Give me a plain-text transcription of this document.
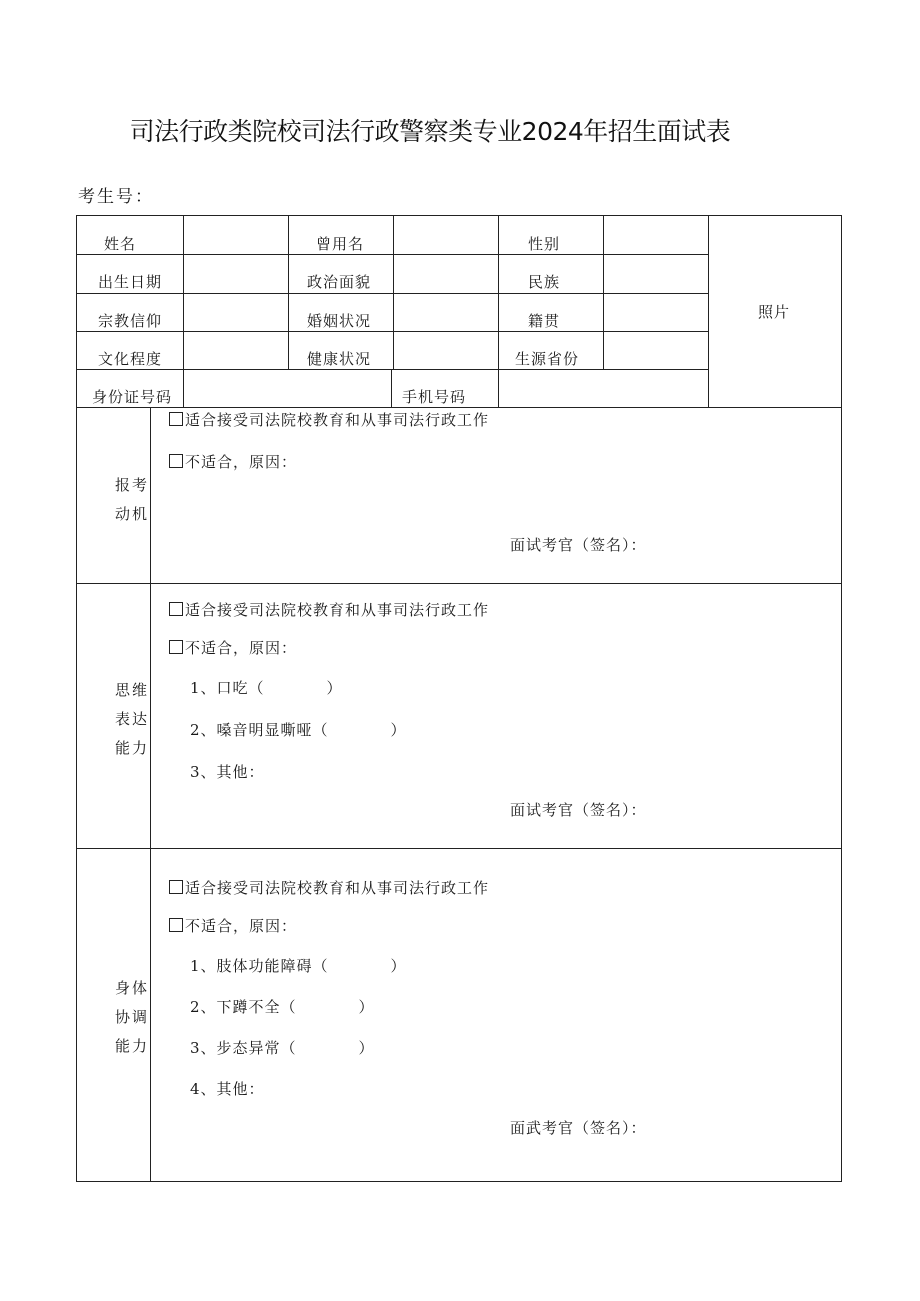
司法行政类院校司法行政警察类专业2024年招生面试表
考生号：
姓名	曾用名	性别
照片
出生日期	政治面貌	民族
宗教信仰	婚姻状况	籍贯
文化程度	健康状况	生源省份
身份证号码	手机号码
报考
动机
适合接受司法院校教育和从事司法行政工作
不适合，原因：
面试考官（签名）：
思维
表达
能力
适合接受司法院校教育和从事司法行政工作
不适合，原因：
1、口吃（	）
2、嗓音明显嘶哑（	）
3、其他：
面试考官（签名）：
身体
协调
能力
适合接受司法院校教育和从事司法行政工作
不适合，原因：
1、肢体功能障碍（	）
2、下蹲不全（	）
3、步态异常（	）
4、其他：
面武考官（签名）：
